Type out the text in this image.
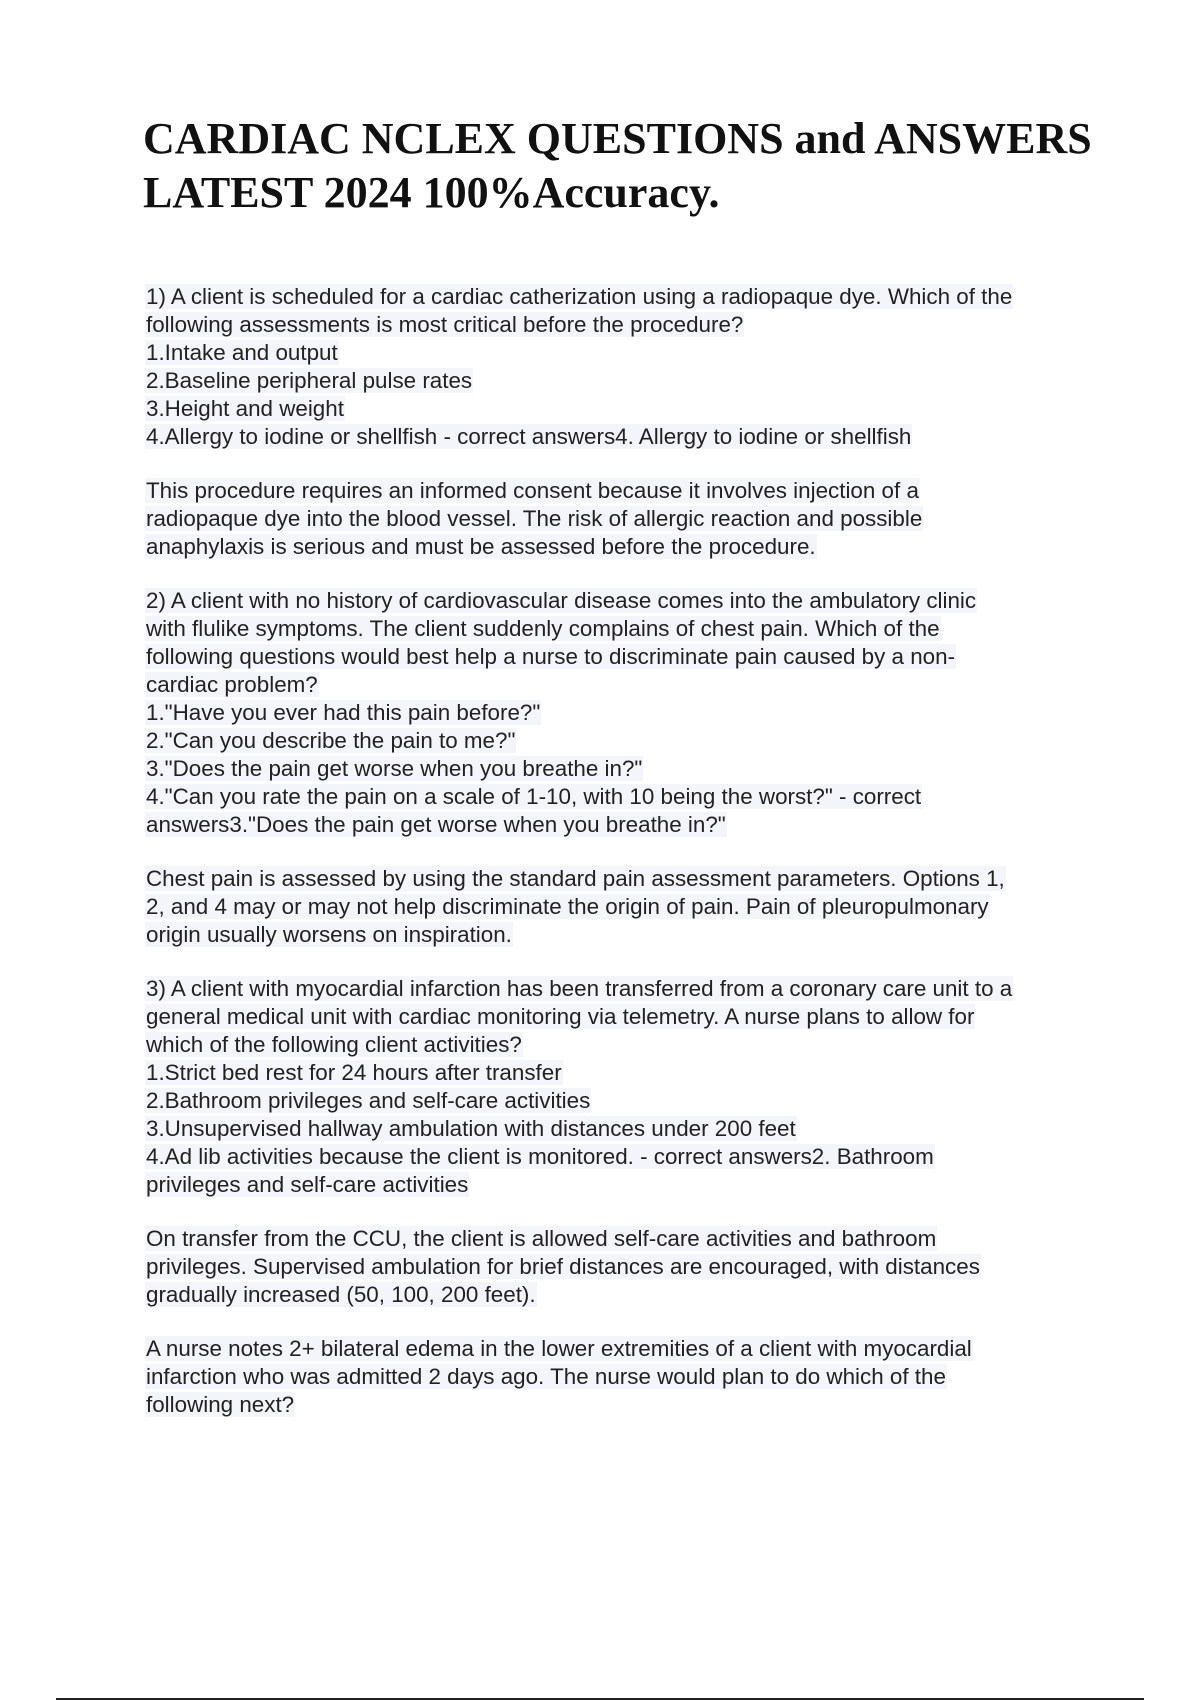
CARDIAC NCLEX QUESTIONS and ANSWERS
LATEST 2024 100%Accuracy.
1) A client is scheduled for a cardiac catherization using a radiopaque dye. Which of the
following assessments is most critical before the procedure?
1.Intake and output
2.Baseline peripheral pulse rates
3.Height and weight
4.Allergy to iodine or shellfish - correct answers4. Allergy to iodine or shellfish
This procedure requires an informed consent because it involves injection of a
radiopaque dye into the blood vessel. The risk of allergic reaction and possible
anaphylaxis is serious and must be assessed before the procedure.
2) A client with no history of cardiovascular disease comes into the ambulatory clinic
with flulike symptoms. The client suddenly complains of chest pain. Which of the
following questions would best help a nurse to discriminate pain caused by a non-
cardiac problem?
1."Have you ever had this pain before?"
2."Can you describe the pain to me?"
3."Does the pain get worse when you breathe in?"
4."Can you rate the pain on a scale of 1-10, with 10 being the worst?" - correct
answers3."Does the pain get worse when you breathe in?"
Chest pain is assessed by using the standard pain assessment parameters. Options 1,
2, and 4 may or may not help discriminate the origin of pain. Pain of pleuropulmonary
origin usually worsens on inspiration.
3) A client with myocardial infarction has been transferred from a coronary care unit to a
general medical unit with cardiac monitoring via telemetry. A nurse plans to allow for
which of the following client activities?
1.Strict bed rest for 24 hours after transfer
2.Bathroom privileges and self-care activities
3.Unsupervised hallway ambulation with distances under 200 feet
4.Ad lib activities because the client is monitored. - correct answers2. Bathroom
privileges and self-care activities
On transfer from the CCU, the client is allowed self-care activities and bathroom
privileges. Supervised ambulation for brief distances are encouraged, with distances
gradually increased (50, 100, 200 feet).
A nurse notes 2+ bilateral edema in the lower extremities of a client with myocardial
infarction who was admitted 2 days ago. The nurse would plan to do which of the
following next?
